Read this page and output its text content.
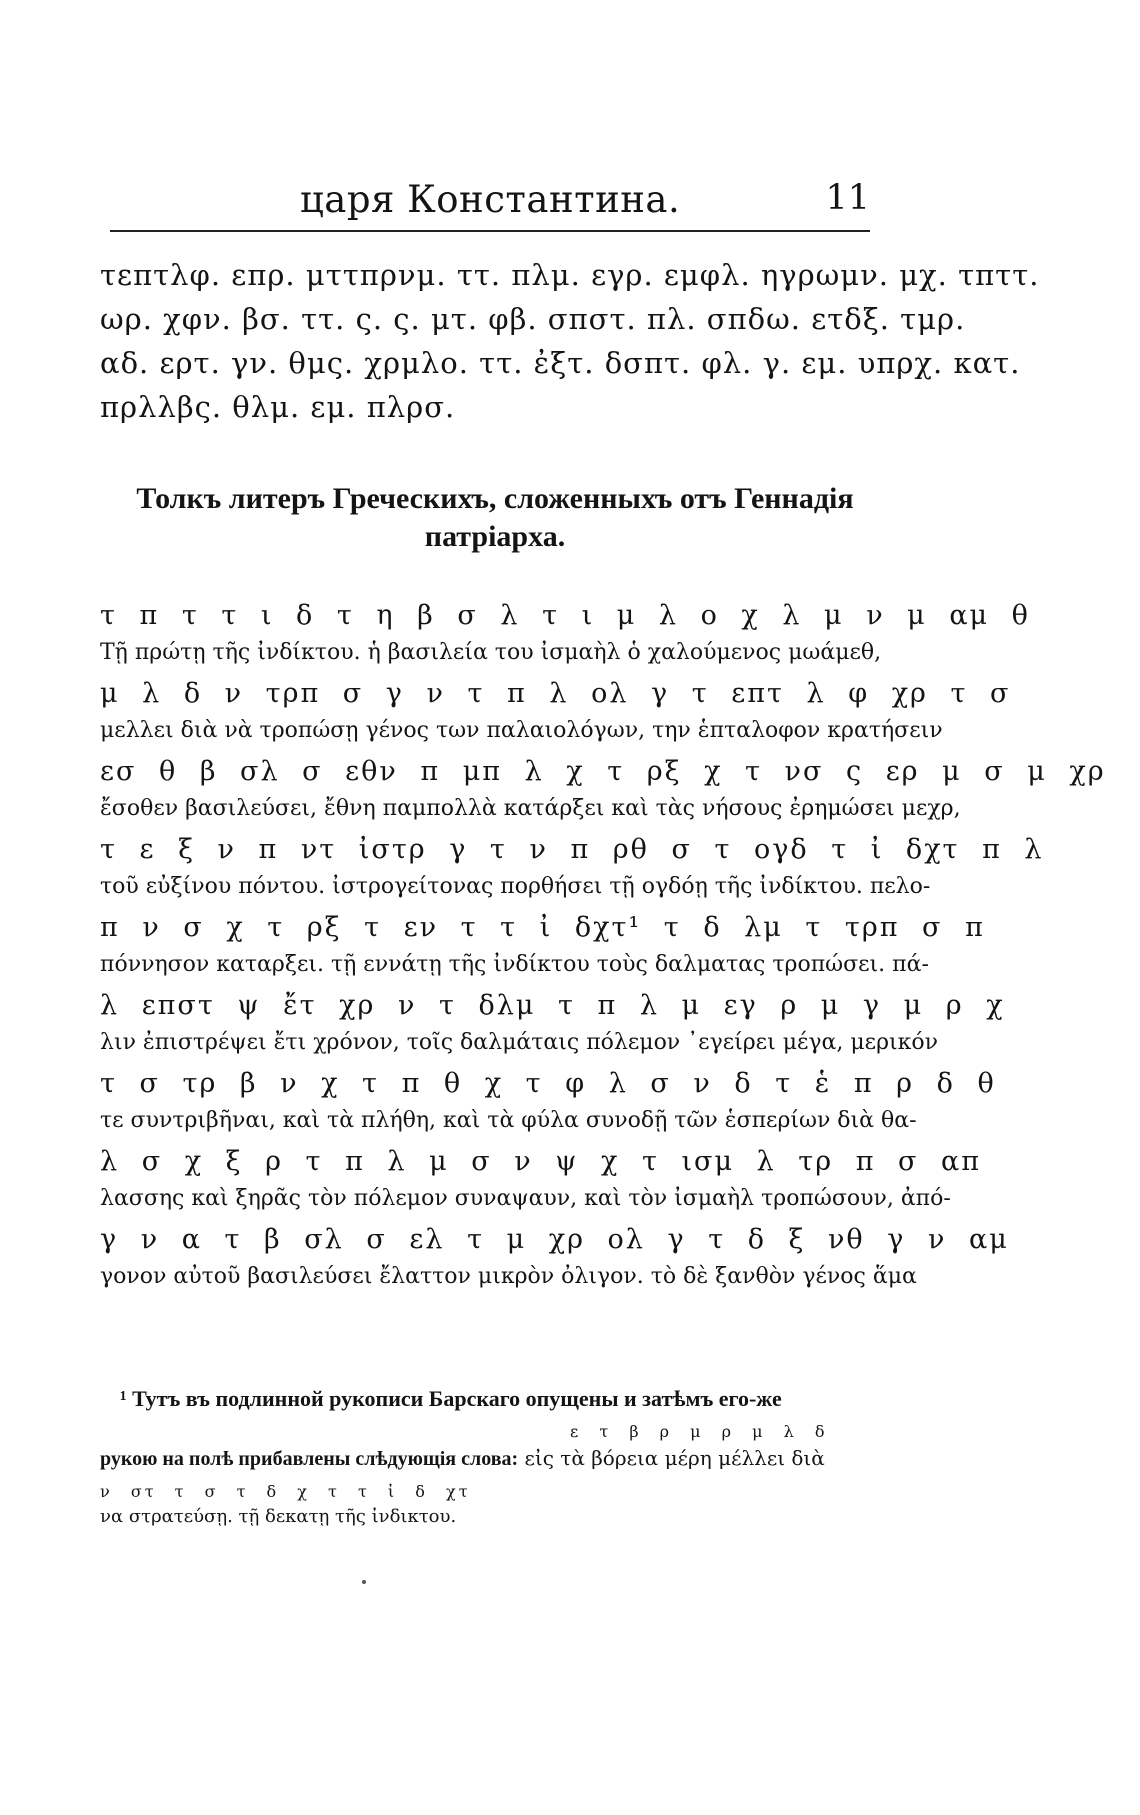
царя Константина.	11
τεπτλφ. επρ. μττπρνμ. ττ. πλμ. εγρ. εμφλ. ηγρωμν. μχ. τπττ.
ωρ. χφν. βσ. ττ. ς. ς. μτ. φβ. σπστ. πλ. σπδω. ετδξ. τμρ.
αδ. ερτ. γν. θμς. χρμλο. ττ. ἐξτ. δσπτ. φλ. γ. εμ. υπρχ. κατ.
πρλλβς. θλμ. εμ. πλρσ.
Толкъ литеръ Греческихъ, сложенныхъ отъ Геннадія
патріарха.
τ π τ τ ι δ τ η β σ λ τ ι μ λ ο χ λ μ ν μ αμ θ
Τῇ πρώτῃ τῆς ἰνδίκτου. ἡ βασιλεία του ἰσμαὴλ ὁ χαλούμενος μωάμεθ,
μ λ δ ν τρπ σ γ ν τ π λ ολ γ τ επτ λ φ χρ τ σ
μελλει διὰ νὰ τροπώσῃ γένος των παλαιολόγων, την ἑπταλοφον κρατήσειν
εσ θ β σλ σ εθν π μπ λ χ τ ρξ χ τ νσ ς ερ μ σ μ χρ
ἔσοθεν βασιλεύσει, ἔθνη παμπολλὰ κατάρξει καὶ τὰς νήσους ἐρημώσει μεχρ,
τ ε ξ ν π ντ ἰστρ γ τ ν π ρθ σ τ ογδ τ ἰ δχτ π λ
τοῦ εὐξίνου πόντου. ἰστρογείτονας πορθήσει τῇ ογδόῃ τῆς ἰνδίκτου. πελο-
π ν σ χ τ ρξ τ εν τ τ ἰ δχτ¹ τ δ λμ τ τρπ σ π
πόννησον καταρξει. τῇ εννάτῃ τῆς ἰνδίκτου τοὺς δαλματας τροπώσει. πά-
λ επστ ψ ἔτ χρ ν τ δλμ τ π λ μ εγ ρ μ γ μ ρ χ
λιν ἐπιστρέψει ἔτι χρόνον, τοῖς δαλμάταις πόλεμον ᾽εγείρει μέγα, μερικόν
τ σ τρ β ν χ τ π θ χ τ φ λ σ ν δ τ ἑ π ρ δ θ
τε συντριβῆναι, καὶ τὰ πλήθη, καὶ τὰ φύλα συνοδῇ τῶν ἑσπερίων διὰ θα-
λ σ χ ξ ρ τ π λ μ σ ν ψ χ τ ισμ λ τρ π σ απ
λασσης καὶ ξηρᾶς τὸν πόλεμον συναψαυν, καὶ τὸν ἰσμαὴλ τροπώσουν, ἀπό-
γ ν α τ β σλ σ ελ τ μ χρ ολ γ τ δ ξ νθ γ ν αμ
γονον αὐτοῦ βασιλεύσει ἔλαττον μικρὸν ὀλιγον. τὸ δὲ ξανθὸν γένος ἅμα
¹ Тутъ въ подлинной рукописи Барскаго опущены и затѣмъ его-же
ε τ β ρ μ ρ μ λ δ
рукою на полѣ прибавлены слѣдующія слова: εἰς τὰ βόρεια μέρη μέλλει διὰ
ν στ τ σ τ δ χ τ τ ἰ δ χτ
να στρατεύσῃ. τῇ δεκατῃ τῆς ἰνδικτου.
